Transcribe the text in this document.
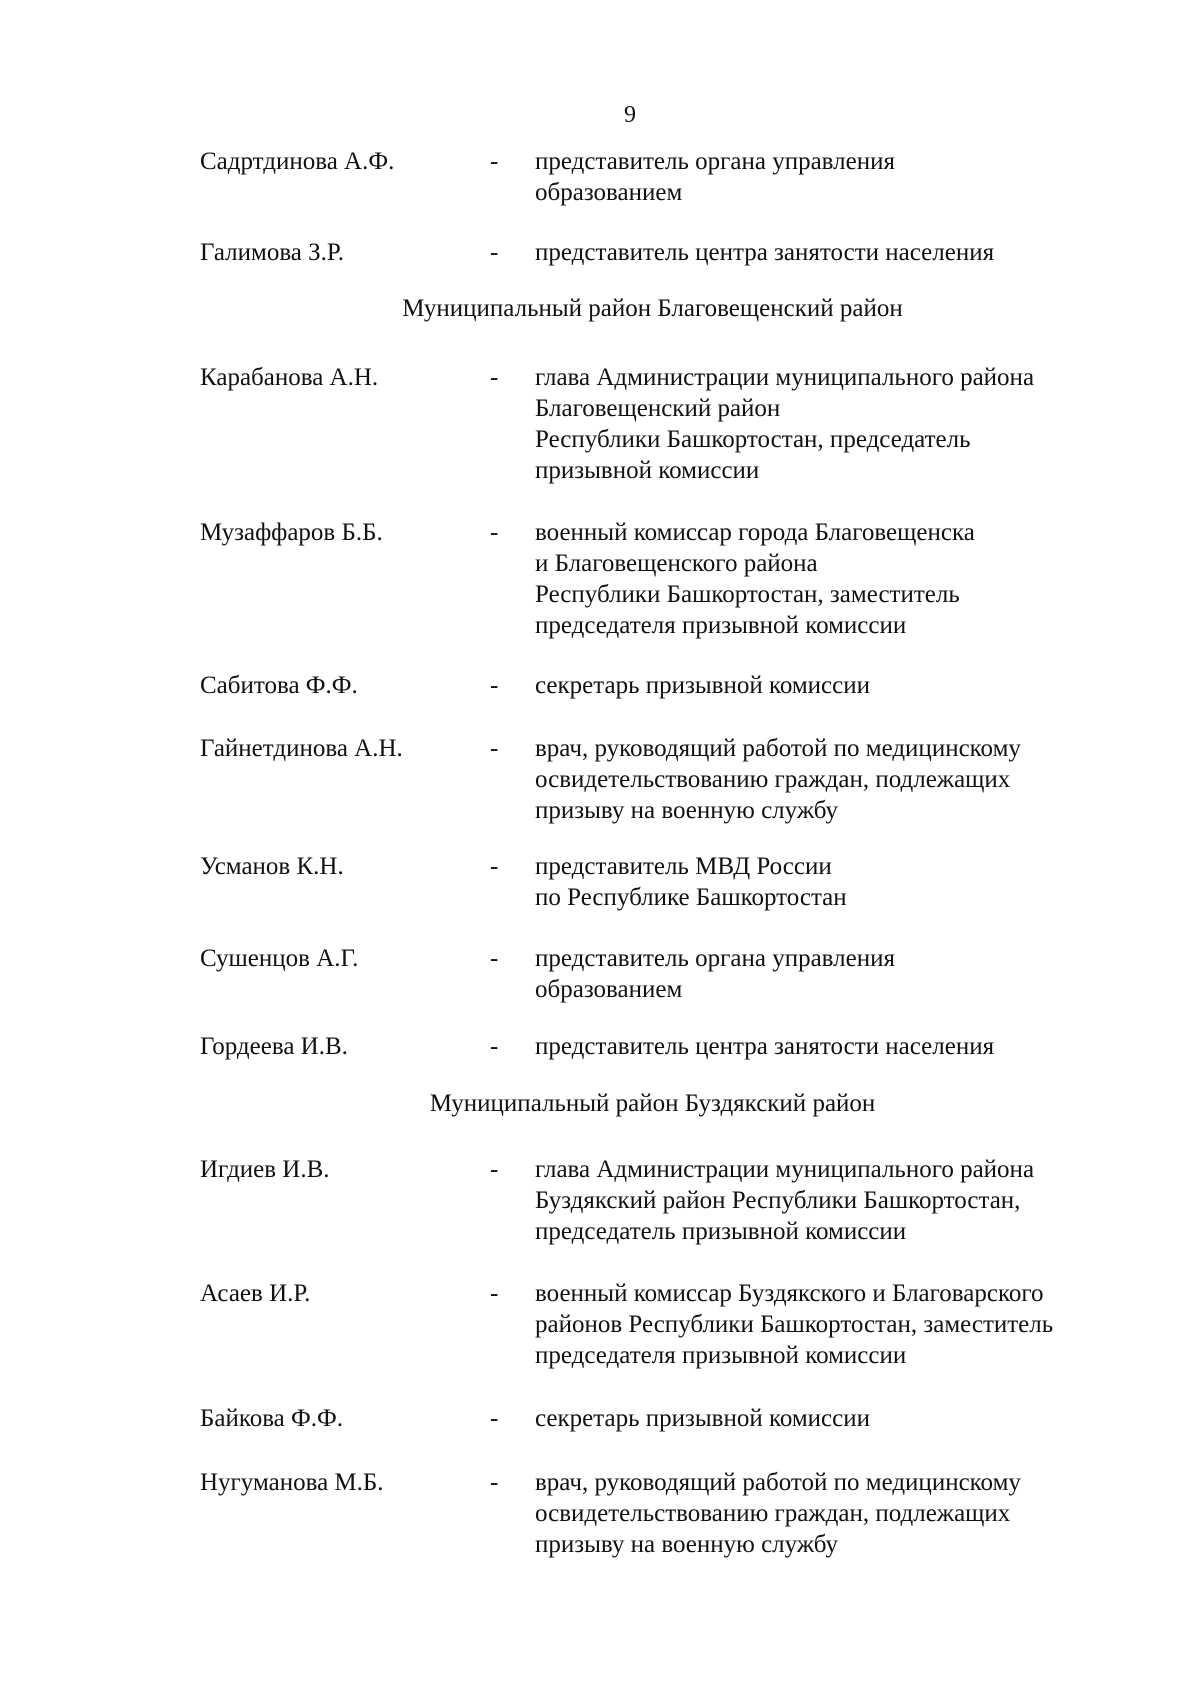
9
Садртдинова А.Ф.	- представитель органа управления
образованием
Галимова З.Р.	- представитель центра занятости населения
Муниципальный район Благовещенский район
Карабанова А.Н.	- глава Администрации муниципального района
Благовещенский район
Республики Башкортостан, председатель
призывной комиссии
Музаффаров Б.Б.	- военный комиссар города Благовещенска
и Благовещенского района
Республики Башкортостан, заместитель
председателя призывной комиссии
Сабитова Ф.Ф.	- секретарь призывной комиссии
Гайнетдинова А.Н.	- врач, руководящий работой по медицинскому
освидетельствованию граждан, подлежащих
призыву на военную службу
Усманов К.Н.	- представитель МВД России
по Республике Башкортостан
Сушенцов А.Г.	- представитель органа управления
образованием
Гордеева И.В.	- представитель центра занятости населения
Муниципальный район Буздякский район
Игдиев И.В.	- глава Администрации муниципального района
Буздякский район Республики Башкортостан,
председатель призывной комиссии
Асаев И.Р.	- военный комиссар Буздякского и Благоварского
районов Республики Башкортостан, заместитель
председателя призывной комиссии
Байкова Ф.Ф.	- секретарь призывной комиссии
Нугуманова М.Б.	- врач, руководящий работой по медицинскому
освидетельствованию граждан, подлежащих
призыву на военную службу
